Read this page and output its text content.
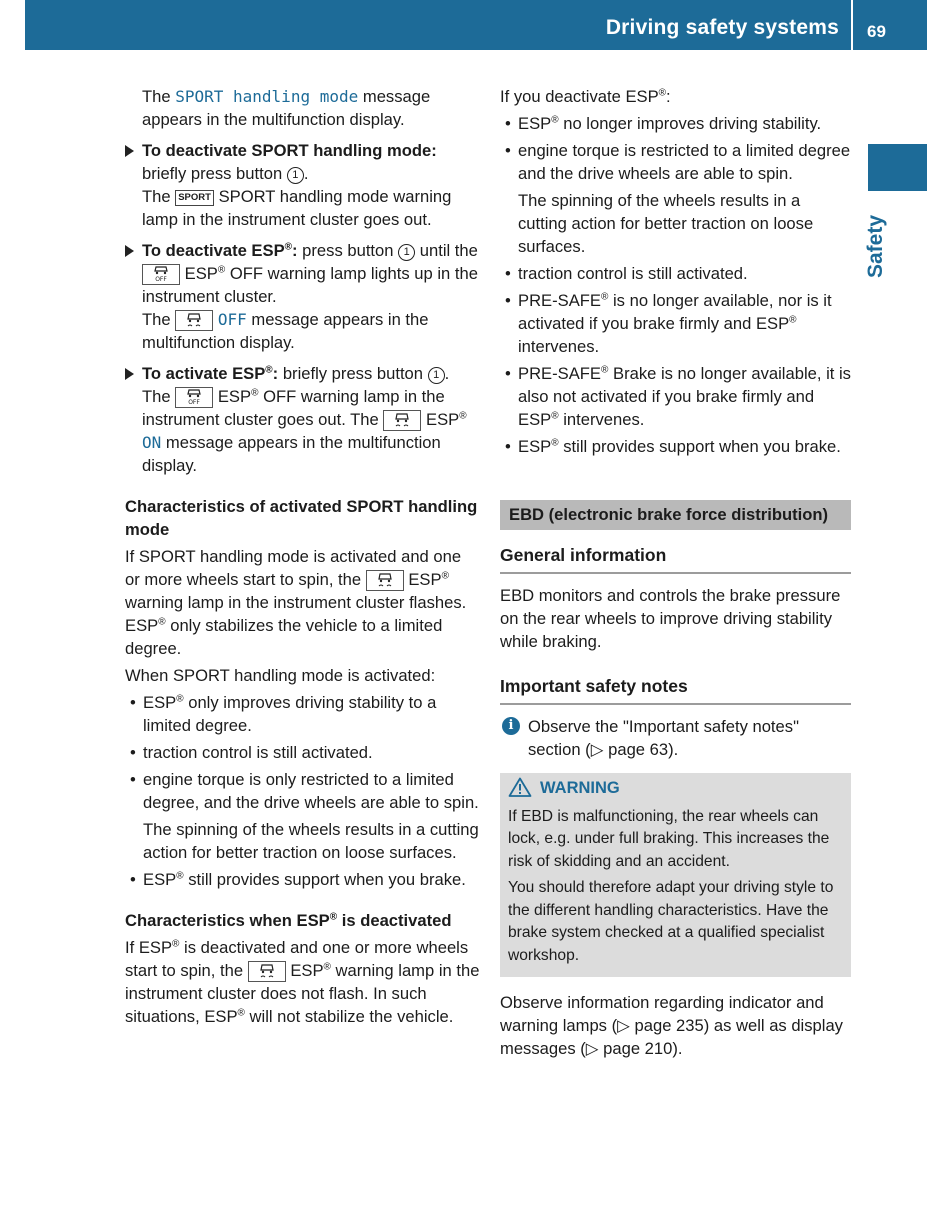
Driving safety systems 69
Safety

The SPORT handling mode message appears in the multifunction display.

To deactivate SPORT handling mode: briefly press button 1 .
The SPORT SPORT handling mode warning lamp in the instrument cluster goes out.
To deactivate ESP®: press button 1 until the
OFF ESP® OFF warning lamp lights up in the instrument cluster.
The	OFF message appears in the multifunction display.
To activate ESP®: briefly press button 1 .
The	OFF ESP® OFF warning lamp in the instrument cluster goes out. The	ESP® ON message appears in the multifunction display.
Characteristics of activated SPORT handling mode

If SPORT handling mode is activated and one or more wheels start to spin, the	ESP® warning lamp in the instrument cluster flashes. ESP® only stabilizes the vehicle to a limited degree.

When SPORT handling mode is activated:

• ESP® only improves driving stability to a limited degree.
• traction control is still activated.
• engine torque is only restricted to a limited degree, and the drive wheels are able to spin.
The spinning of the wheels results in a cutting action for better traction on loose surfaces.
• ESP® still provides support when you brake.
Characteristics when ESP® is deactivated

If ESP® is deactivated and one or more wheels start to spin, the	ESP® warning lamp in the instrument cluster does not flash. In such situations, ESP® will not stabilize the vehicle.

If you deactivate ESP®:

• ESP® no longer improves driving stability.
• engine torque is restricted to a limited degree and the drive wheels are able to spin.
The spinning of the wheels results in a cutting action for better traction on loose surfaces.
• traction control is still activated.
• PRE-SAFE® is no longer available, nor is it activated if you brake firmly and ESP® intervenes.
• PRE-SAFE® Brake is no longer available, it is also not activated if you brake firmly and ESP® intervenes.
• ESP® still provides support when you brake.
EBD (electronic brake force distribution)
General information

EBD monitors and controls the brake pressure on the rear wheels to improve driving stability while braking.

Important safety notes
i Observe the "Important safety notes" section (▷ page 63).
WARNING

If EBD is malfunctioning, the rear wheels can lock, e.g. under full braking. This increases the risk of skidding and an accident.

You should therefore adapt your driving style to the different handling characteristics. Have the brake system checked at a qualified specialist workshop.

Observe information regarding indicator and warning lamps (▷ page 235) as well as display messages (▷ page 210).
